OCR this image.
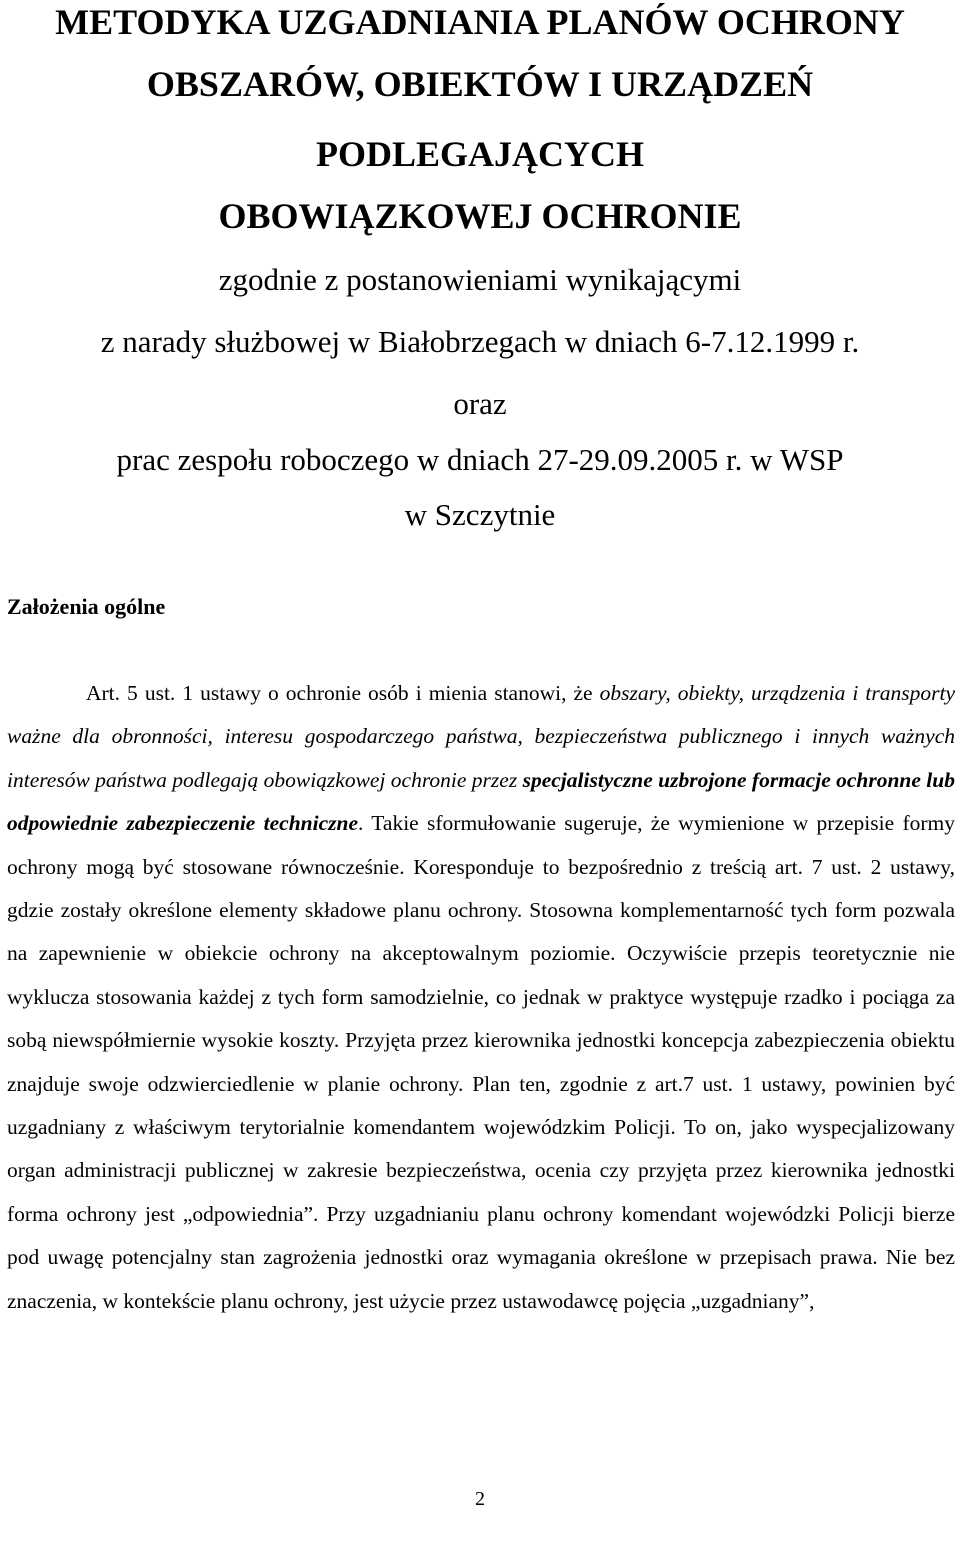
METODYKA UZGADNIANIA PLANÓW OCHRONY
OBSZARÓW, OBIEKTÓW I URZĄDZEŃ
PODLEGAJĄCYCH
OBOWIĄZKOWEJ OCHRONIE
zgodnie z postanowieniami wynikającymi
z narady służbowej w Białobrzegach w dniach 6-7.12.1999 r.
oraz
prac zespołu roboczego w dniach 27-29.09.2005 r. w WSP
w Szczytnie
Założenia ogólne

Art. 5 ust. 1 ustawy o ochronie osób i mienia stanowi, że obszary, obiekty, urządzenia i transporty ważne dla obronności, interesu gospodarczego państwa, bezpieczeństwa publicznego i innych ważnych interesów państwa podlegają obowiązkowej ochronie przez specjalistyczne uzbrojone formacje ochronne lub odpowiednie zabezpieczenie techniczne. Takie sformułowanie sugeruje, że wymienione w przepisie formy ochrony mogą być stosowane równocześnie. Koresponduje to bezpośrednio z treścią art. 7 ust. 2 ustawy, gdzie zostały określone elementy składowe planu ochrony. Stosowna komplementarność tych form pozwala na zapewnienie w obiekcie ochrony na akceptowalnym poziomie. Oczywiście przepis teoretycznie nie wyklucza stosowania każdej z tych form samodzielnie, co jednak w praktyce występuje rzadko i pociąga za sobą niewspółmiernie wysokie koszty. Przyjęta przez kierownika jednostki koncepcja zabezpieczenia obiektu znajduje swoje odzwierciedlenie w planie ochrony. Plan ten, zgodnie z art.7 ust. 1 ustawy, powinien być uzgadniany z właściwym terytorialnie komendantem wojewódzkim Policji. To on, jako wyspecjalizowany organ administracji publicznej w zakresie bezpieczeństwa, ocenia czy przyjęta przez kierownika jednostki forma ochrony jest „odpowiednia”. Przy uzgadnianiu planu ochrony komendant wojewódzki Policji bierze pod uwagę potencjalny stan zagrożenia jednostki oraz wymagania określone w przepisach prawa. Nie bez znaczenia, w kontekście planu ochrony, jest użycie przez ustawodawcę pojęcia „uzgadniany”,

2
